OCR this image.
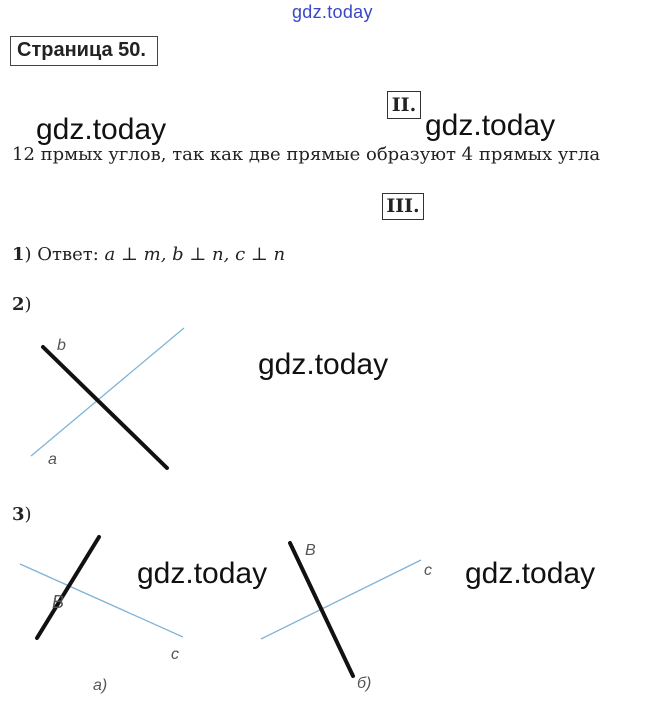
gdz.today
Страница 50.
II.
gdz.today	gdz.today
12 прмых углов, так как две прямые образуют 4 прямых угла
III.
1) Ответ: a ⊥ m, b ⊥ n, c ⊥ n
2)
b
a
gdz.today
3)
B
c
а)
B
c
б)
gdz.today	gdz.today
